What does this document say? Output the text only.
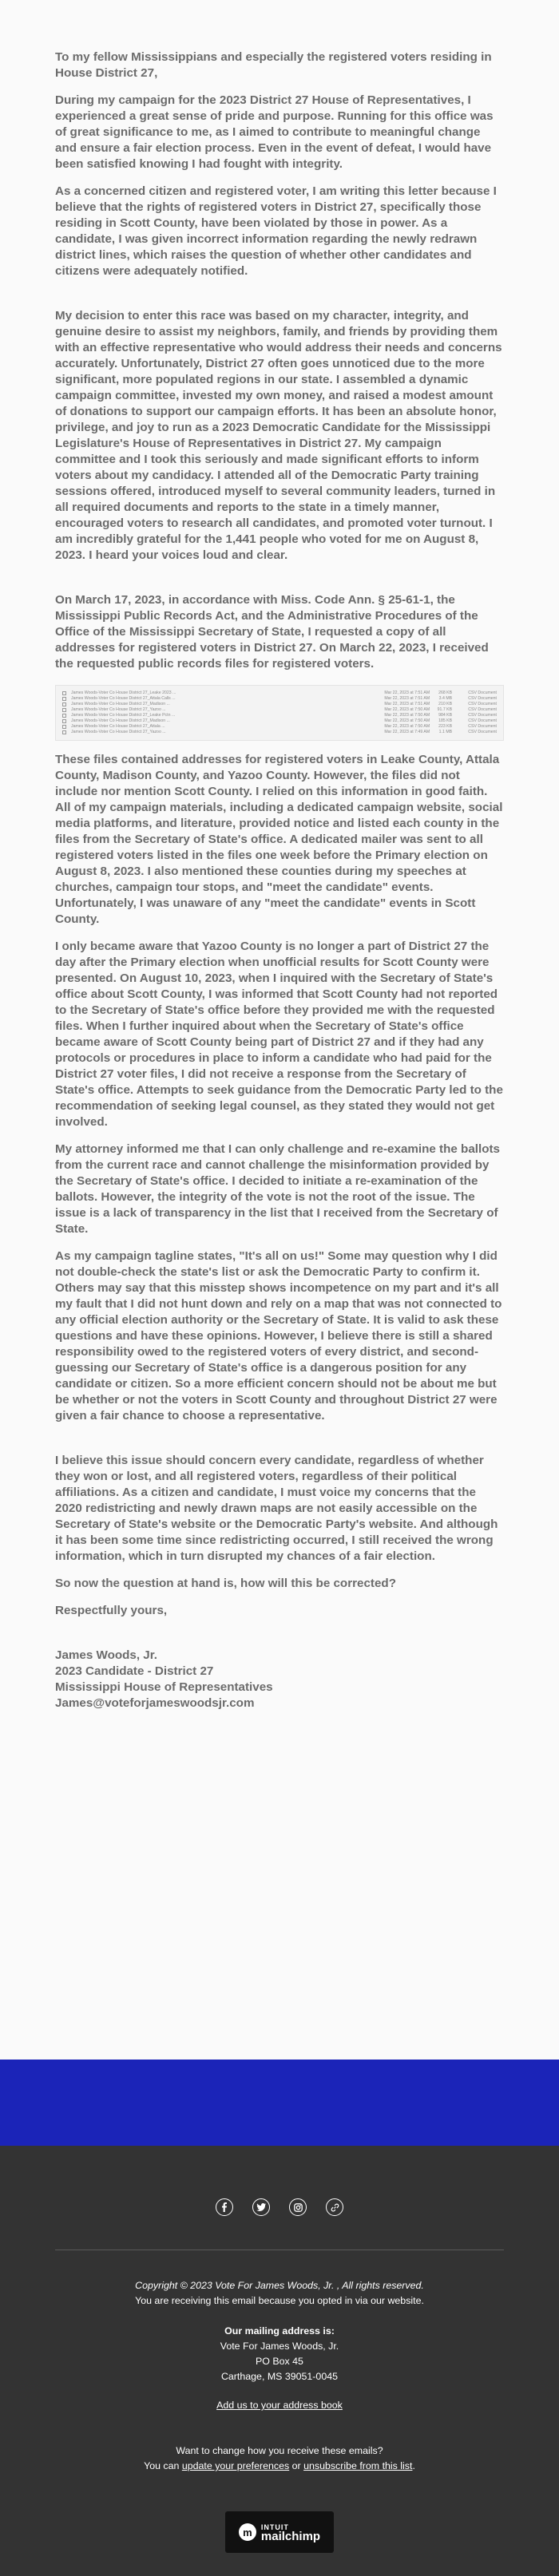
To my fellow Mississippians and especially the registered voters residing in House District 27,

During my campaign for the 2023 District 27 House of Representatives, I experienced a great sense of pride and purpose. Running for this office was of great significance to me, as I aimed to contribute to meaningful change and ensure a fair election process. Even in the event of defeat, I would have been satisfied knowing I had fought with integrity.

As a concerned citizen and registered voter, I am writing this letter because I believe that the rights of registered voters in District 27, specifically those residing in Scott County, have been violated by those in power. As a candidate, I was given incorrect information regarding the newly redrawn district lines, which raises the question of whether other candidates and citizens were adequately notified.

My decision to enter this race was based on my character, integrity, and genuine desire to assist my neighbors, family, and friends by providing them with an effective representative who would address their needs and concerns accurately. Unfortunately, District 27 often goes unnoticed due to the more significant, more populated regions in our state. I assembled a dynamic campaign committee, invested my own money, and raised a modest amount of donations to support our campaign efforts. It has been an absolute honor, privilege, and joy to run as a 2023 Democratic Candidate for the Mississippi Legislature's House of Representatives in District 27. My campaign committee and I took this seriously and made significant efforts to inform voters about my candidacy. I attended all of the Democratic Party training sessions offered, introduced myself to several community leaders, turned in all required documents and reports to the state in a timely manner, encouraged voters to research all candidates, and promoted voter turnout. I am incredibly grateful for the 1,441 people who voted for me on August 8, 2023. I heard your voices loud and clear.

On March 17, 2023, in accordance with Miss. Code Ann. § 25-61-1, the Mississippi Public Records Act, and the Administrative Procedures of the Office of the Mississippi Secretary of State, I requested a copy of all addresses for registered voters in District 27. On March 22, 2023, I received the requested public records files for registered voters.

James Woods-Voter Co House District 27_Leake 2023 ...	Mar 22, 2023 at 7:51 AM	268 KB	CSV Document
James Woods-Voter Co House District 27_Attala Calls ...	Mar 22, 2023 at 7:51 AM	3.4 MB	CSV Document
James Woods-Voter Co House District 27_Madison ...	Mar 22, 2023 at 7:51 AM	210 KB	CSV Document
James Woods-Voter Co House District 27_Yazoo ...	Mar 22, 2023 at 7:50 AM	91.7 KB	CSV Document
James Woods-Voter Co House District 27_Leake Pctn ...	Mar 22, 2023 at 7:50 AM	984 KB	CSV Document
James Woods-Voter Co House District 27_Madison ...	Mar 22, 2023 at 7:50 AM	185 KB	CSV Document
James Woods-Voter Co House District 27_Attala ...	Mar 22, 2023 at 7:50 AM	223 KB	CSV Document
James Woods-Voter Co House District 27_Yazoo ...	Mar 22, 2023 at 7:49 AM	1.1 MB	CSV Document

These files contained addresses for registered voters in Leake County, Attala County, Madison County, and Yazoo County. However, the files did not include nor mention Scott County. I relied on this information in good faith. All of my campaign materials, including a dedicated campaign website, social media platforms, and literature, provided notice and listed each county in the files from the Secretary of State's office. A dedicated mailer was sent to all registered voters listed in the files one week before the Primary election on August 8, 2023. I also mentioned these counties during my speeches at churches, campaign tour stops, and "meet the candidate" events. Unfortunately, I was unaware of any "meet the candidate" events in Scott County.

I only became aware that Yazoo County is no longer a part of District 27 the day after the Primary election when unofficial results for Scott County were presented. On August 10, 2023, when I inquired with the Secretary of State's office about Scott County, I was informed that Scott County had not reported to the Secretary of State's office before they provided me with the requested files. When I further inquired about when the Secretary of State's office became aware of Scott County being part of District 27 and if they had any protocols or procedures in place to inform a candidate who had paid for the District 27 voter files, I did not receive a response from the Secretary of State's office. Attempts to seek guidance from the Democratic Party led to the recommendation of seeking legal counsel, as they stated they would not get involved.

My attorney informed me that I can only challenge and re-examine the ballots from the current race and cannot challenge the misinformation provided by the Secretary of State's office. I decided to initiate a re-examination of the ballots. However, the integrity of the vote is not the root of the issue. The issue is a lack of transparency in the list that I received from the Secretary of State.

As my campaign tagline states, "It's all on us!" Some may question why I did not double-check the state's list or ask the Democratic Party to confirm it. Others may say that this misstep shows incompetence on my part and it's all my fault that I did not hunt down and rely on a map that was not connected to any official election authority or the Secretary of State. It is valid to ask these questions and have these opinions. However, I believe there is still a shared responsibility owed to the registered voters of every district, and second-guessing our Secretary of State's office is a dangerous position for any candidate or citizen. So a more efficient concern should not be about me but be whether or not the voters in Scott County and throughout District 27 were given a fair chance to choose a representative.

I believe this issue should concern every candidate, regardless of whether they won or lost, and all registered voters, regardless of their political affiliations. As a citizen and candidate, I must voice my concerns that the 2020 redistricting and newly drawn maps are not easily accessible on the Secretary of State's website or the Democratic Party's website. And although it has been some time since redistricting occurred, I still received the wrong information, which in turn disrupted my chances of a fair election.

So now the question at hand is, how will this be corrected?

Respectfully yours,

James Woods, Jr.

2023 Candidate - District 27

Mississippi House of Representatives

James@voteforjameswoodsjr.com

Copyright © 2023 Vote For James Woods, Jr. , All rights reserved.
You are receiving this email because you opted in via our website.
Our mailing address is:
Vote For James Woods, Jr.
PO Box 45
Carthage, MS 39051-0045
Add us to your address book
Want to change how you receive these emails?
You can update your preferences or unsubscribe from this list.
m	INTUIT
mailchimp
